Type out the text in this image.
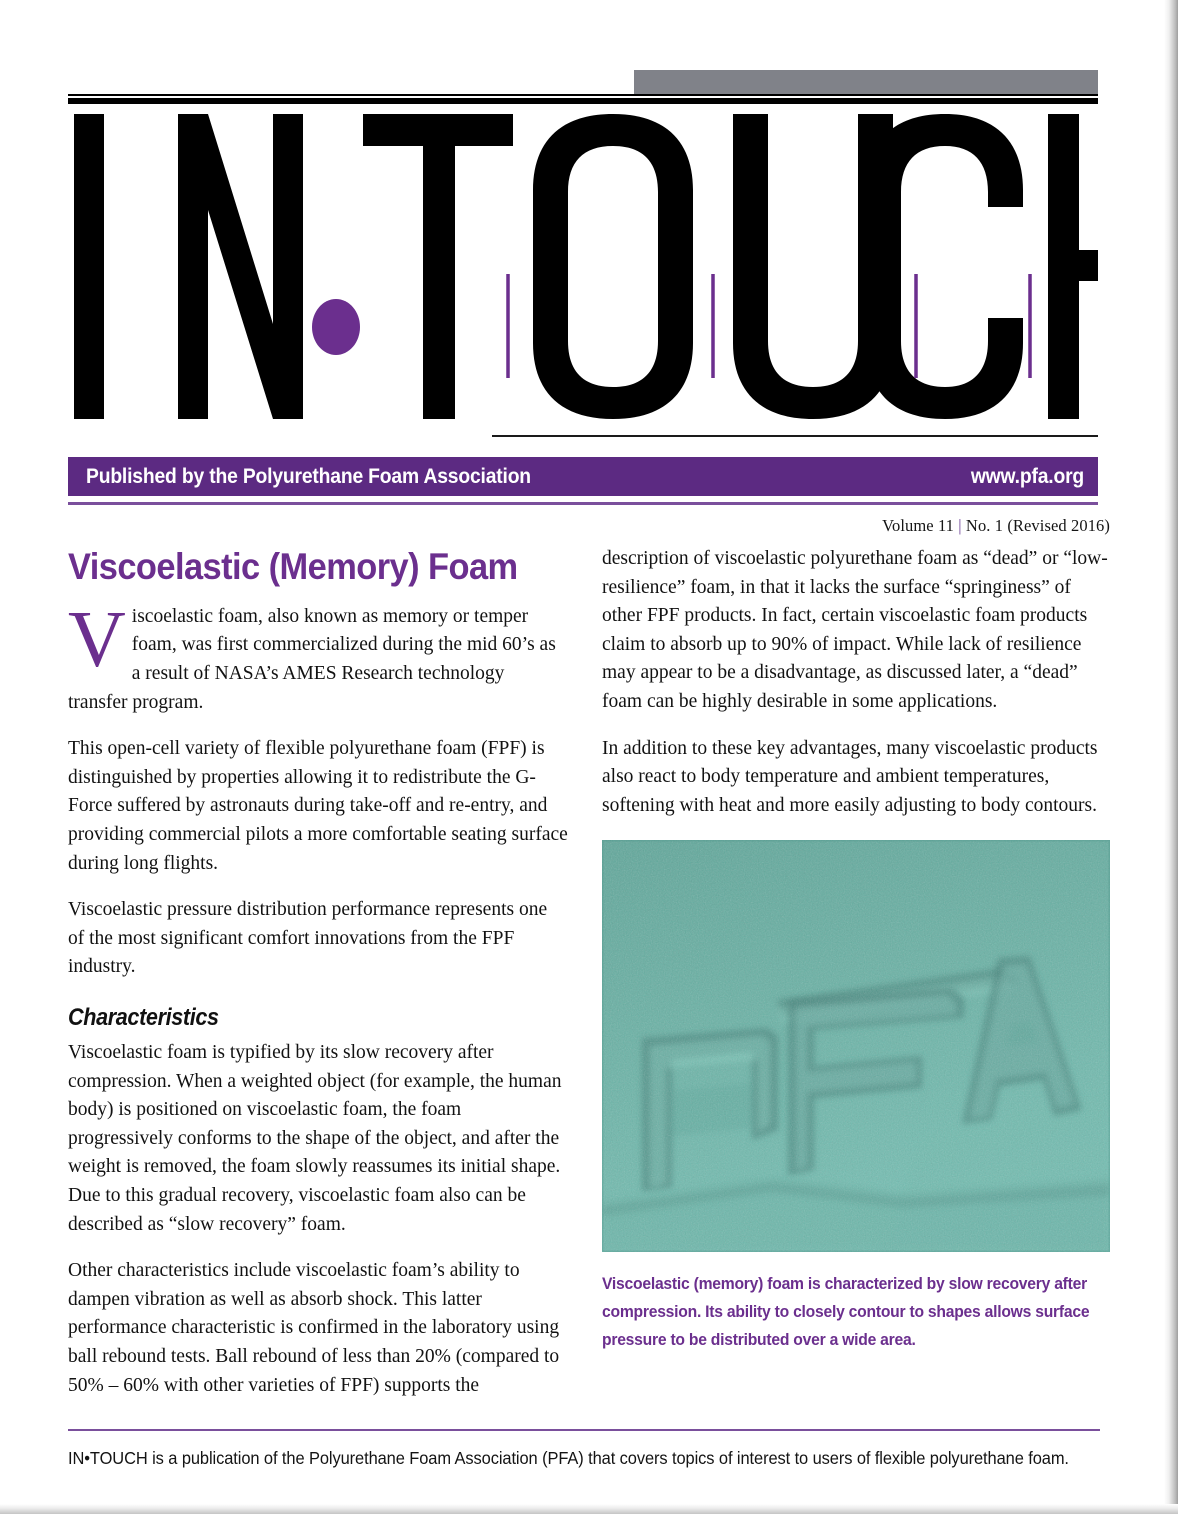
Published by the Polyurethane Foam Association	www.pfa.org
Viscoelastic (Memory) Foam

Viscoelastic foam, also known as memory or temper foam, was first commercialized during the mid 60’s as a result of NASA’s AMES Research technology transfer program.

This open-cell variety of flexible polyurethane foam (FPF) is distinguished by properties allowing it to redistribute the G-Force suffered by astronauts during take-off and re-entry, and providing commercial pilots a more comfortable seating surface during long flights.

Viscoelastic pressure distribution performance represents one of the most significant comfort innovations from the FPF industry.

Characteristics

Viscoelastic foam is typified by its slow recovery after compression. When a weighted object (for example, the human body) is positioned on viscoelastic foam, the foam progressively conforms to the shape of the object, and after the weight is removed, the foam slowly reassumes its initial shape. Due to this gradual recovery, viscoelastic foam also can be described as “slow recovery” foam.

Other characteristics include viscoelastic foam’s ability to dampen vibration as well as absorb shock. This latter performance characteristic is confirmed in the laboratory using ball rebound tests. Ball rebound of less than 20% (compared to 50% – 60% with other varieties of FPF) supports the

Volume 11 | No. 1 (Revised 2016)

description of viscoelastic polyurethane foam as “dead” or “low-resilience” foam, in that it lacks the surface “springiness” of other FPF products. In fact, certain viscoelastic foam products claim to absorb up to 90% of impact. While lack of resilience may appear to be a disadvantage, as discussed later, a “dead” foam can be highly desirable in some applications.

In addition to these key advantages, many viscoelastic products also react to body temperature and ambient temperatures, softening with heat and more easily adjusting to body contours.

Viscoelastic (memory) foam is characterized by slow recovery after compression. Its ability to closely contour to shapes allows surface pressure to be distributed over a wide area.
IN•TOUCH is a publication of the Polyurethane Foam Association (PFA) that covers topics of interest to users of flexible polyurethane foam.
